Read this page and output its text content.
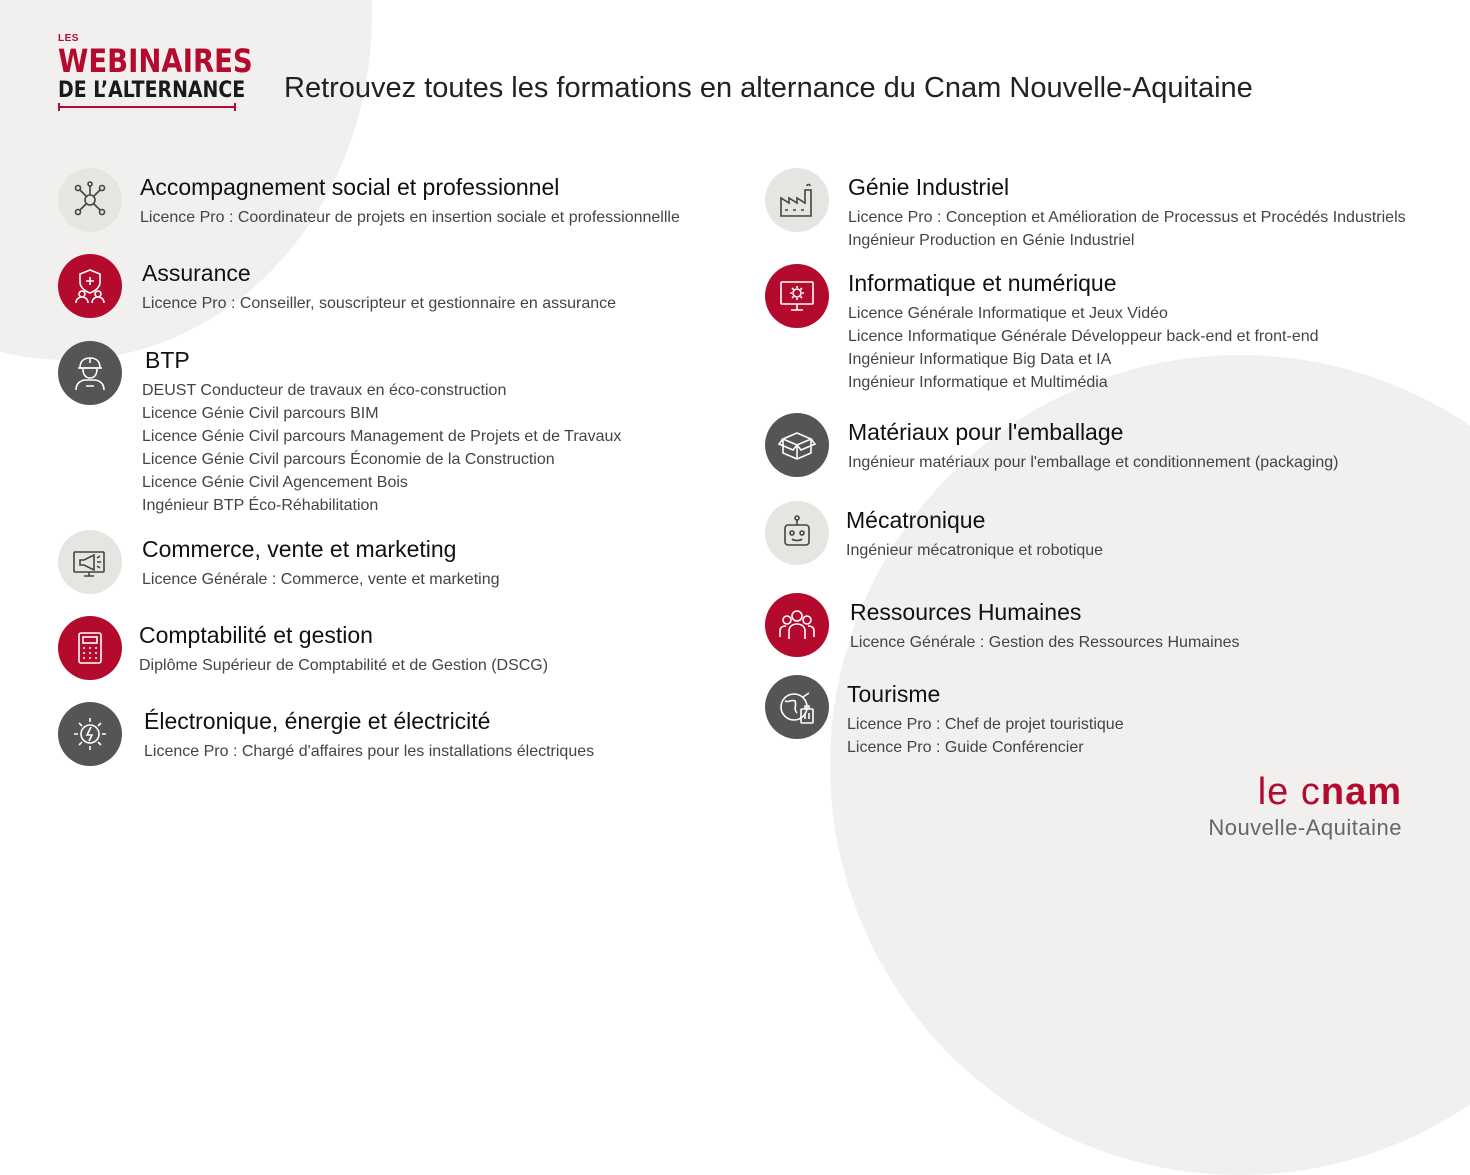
LES
WEBINAIRES
DE L’ALTERNANCE Retrouvez toutes les formations en alternance du Cnam Nouvelle-Aquitaine
Accompagnement social et professionnel
Licence Pro : Coordinateur de projets en insertion sociale et professionnellle
Assurance
Licence Pro : Conseiller, souscripteur et gestionnaire en assurance
BTP
DEUST Conducteur de travaux en éco-construction
Licence Génie Civil parcours BIM
Licence Génie Civil parcours Management de Projets et de Travaux
Licence Génie Civil parcours Économie de la Construction
Licence Génie Civil Agencement Bois
Ingénieur BTP Éco-Réhabilitation
Commerce, vente et marketing
Licence Générale : Commerce, vente et marketing
Comptabilité et gestion
Diplôme Supérieur de Comptabilité et de Gestion (DSCG)
Électronique, énergie et électricité
Licence Pro : Chargé d'affaires pour les installations électriques
Génie Industriel
Licence Pro : Conception et Amélioration de Processus et Procédés Industriels
Ingénieur Production en Génie Industriel
Informatique et numérique
Licence Générale Informatique et Jeux Vidéo
Licence Informatique Générale Développeur back-end et front-end
Ingénieur Informatique Big Data et IA
Ingénieur Informatique et Multimédia
Matériaux pour l'emballage
Ingénieur matériaux pour l'emballage et conditionnement (packaging)
Mécatronique
Ingénieur mécatronique et robotique
Ressources Humaines
Licence Générale : Gestion des Ressources Humaines
Tourisme
Licence Pro : Chef de projet touristique
Licence Pro : Guide Conférencier
le cnam
Nouvelle-Aquitaine
